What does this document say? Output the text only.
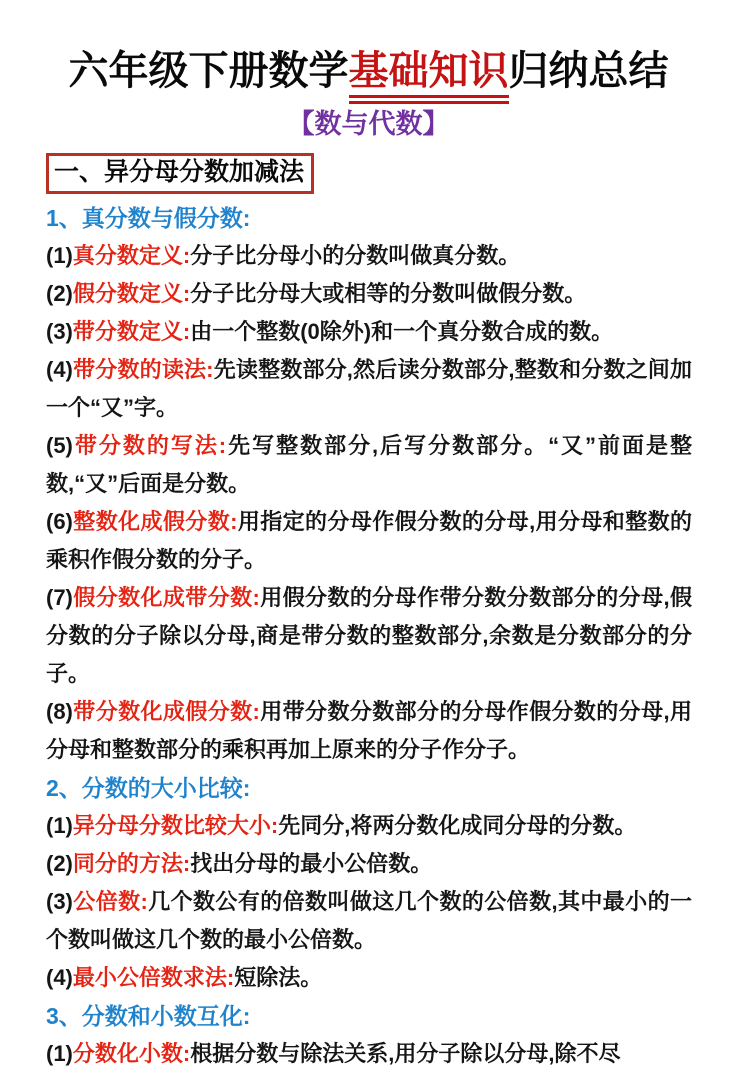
六年级下册数学基础知识归纳总结
【数与代数】
一、异分母分数加减法

1、真分数与假分数:

(1)真分数定义:分子比分母小的分数叫做真分数。

(2)假分数定义:分子比分母大或相等的分数叫做假分数。

(3)带分数定义:由一个整数(0除外)和一个真分数合成的数。

(4)带分数的读法:先读整数部分,然后读分数部分,整数和分数之间加一个“又”字。

(5)带分数的写法:先写整数部分,后写分数部分。“又”前面是整数,“又”后面是分数。

(6)整数化成假分数:用指定的分母作假分数的分母,用分母和整数的乘积作假分数的分子。

(7)假分数化成带分数:用假分数的分母作带分数分数部分的分母,假分数的分子除以分母,商是带分数的整数部分,余数是分数部分的分子。

(8)带分数化成假分数:用带分数分数部分的分母作假分数的分母,用分母和整数部分的乘积再加上原来的分子作分子。

2、分数的大小比较:

(1)异分母分数比较大小:先同分,将两分数化成同分母的分数。

(2)同分的方法:找出分母的最小公倍数。

(3)公倍数:几个数公有的倍数叫做这几个数的公倍数,其中最小的一个数叫做这几个数的最小公倍数。

(4)最小公倍数求法:短除法。

3、分数和小数互化:

(1)分数化小数:根据分数与除法关系,用分子除以分母,除不尽
